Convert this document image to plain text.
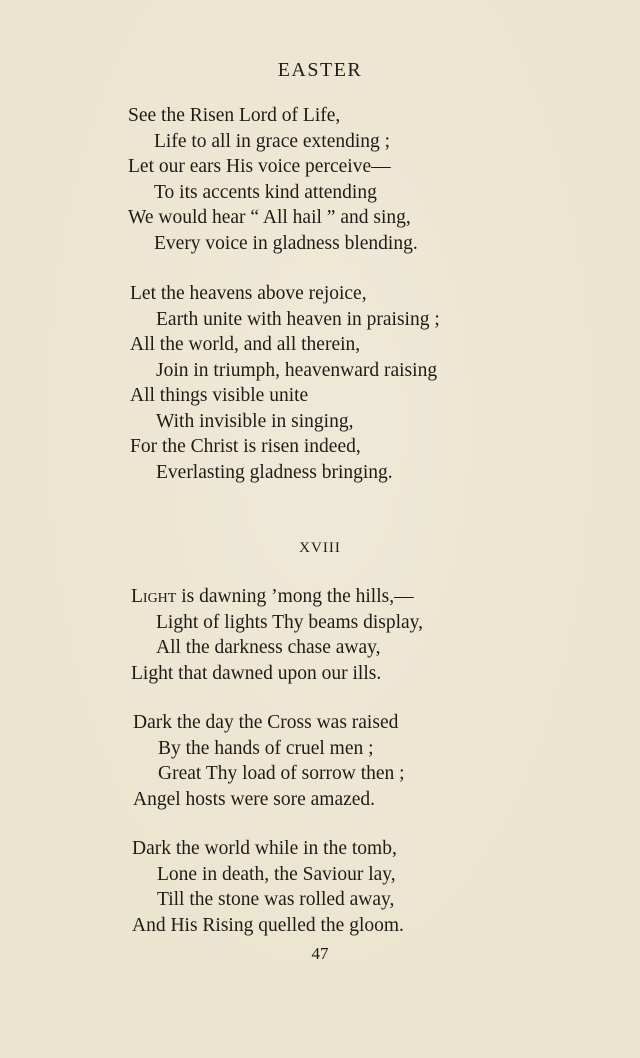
EASTER
See the Risen Lord of Life,
Life to all in grace extending ;
Let our ears His voice perceive—
To its accents kind attending
We would hear “ All hail ” and sing,
Every voice in gladness blending.
Let the heavens above rejoice,
Earth unite with heaven in praising ;
All the world, and all therein,
Join in triumph, heavenward raising
All things visible unite
With invisible in singing,
For the Christ is risen indeed,
Everlasting gladness bringing.
XVIII
Light is dawning ’mong the hills,—
Light of lights Thy beams display,
All the darkness chase away,
Light that dawned upon our ills.
Dark the day the Cross was raised
By the hands of cruel men ;
Great Thy load of sorrow then ;
Angel hosts were sore amazed.
Dark the world while in the tomb,
Lone in death, the Saviour lay,
Till the stone was rolled away,
And His Rising quelled the gloom.
47
